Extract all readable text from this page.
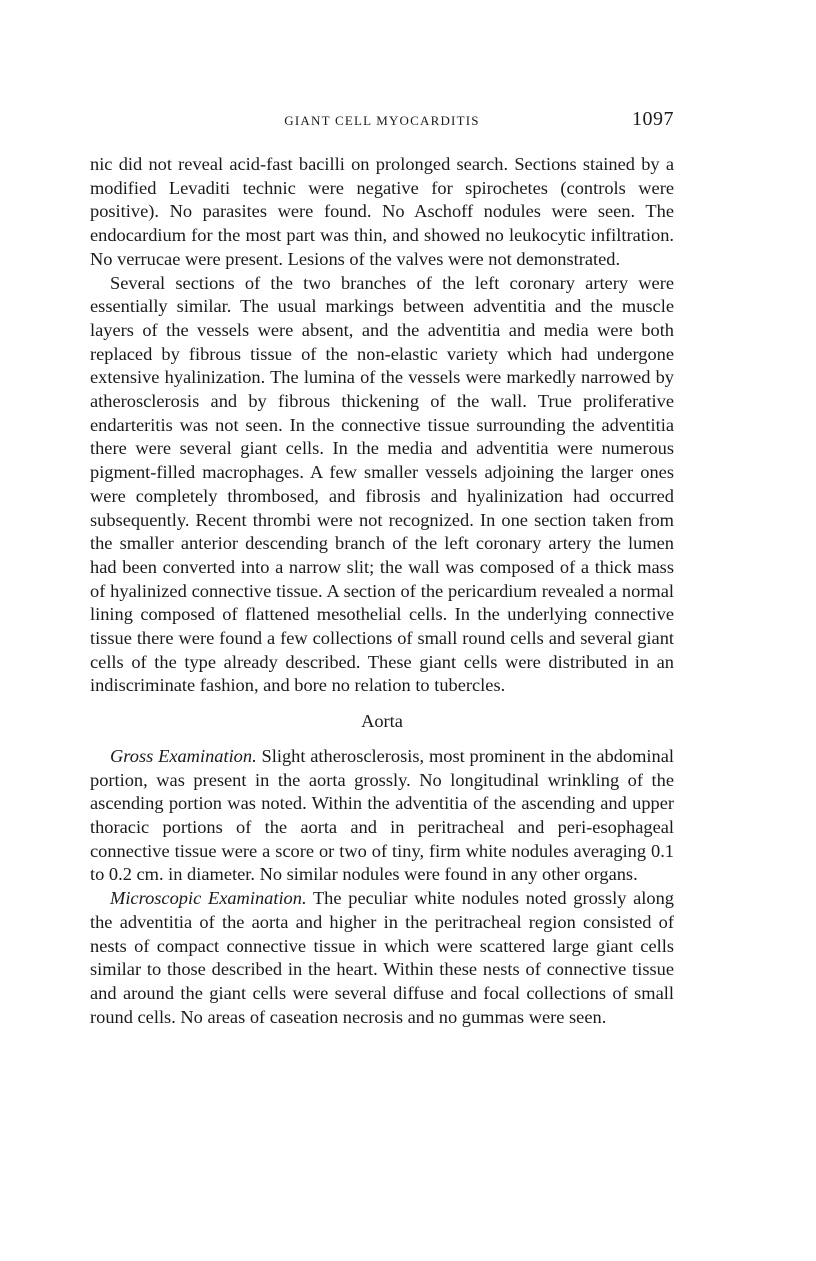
GIANT CELL MYOCARDITIS	1097

nic did not reveal acid-fast bacilli on prolonged search. Sections stained by a modified Levaditi technic were negative for spirochetes (controls were positive). No parasites were found. No Aschoff nodules were seen. The endocardium for the most part was thin, and showed no leukocytic infiltration. No verrucae were present. Lesions of the valves were not demonstrated.

Several sections of the two branches of the left coronary artery were essentially similar. The usual markings between adventitia and the muscle layers of the vessels were absent, and the adventitia and media were both replaced by fibrous tissue of the non-elastic variety which had undergone extensive hyalinization. The lumina of the vessels were markedly narrowed by atherosclerosis and by fibrous thickening of the wall. True proliferative endarteritis was not seen. In the connective tissue surrounding the adventitia there were several giant cells. In the media and adventitia were numerous pigment-filled macrophages. A few smaller vessels adjoining the larger ones were completely thrombosed, and fibrosis and hyalinization had occurred subsequently. Recent thrombi were not recognized. In one section taken from the smaller anterior descending branch of the left coronary artery the lumen had been converted into a narrow slit; the wall was composed of a thick mass of hyalinized connective tissue. A section of the pericardium revealed a normal lining composed of flattened mesothelial cells. In the underlying connective tissue there were found a few collections of small round cells and several giant cells of the type already described. These giant cells were distributed in an indiscriminate fashion, and bore no relation to tubercles.

Aorta

Gross Examination. Slight atherosclerosis, most prominent in the abdominal portion, was present in the aorta grossly. No longitudinal wrinkling of the ascending portion was noted. Within the adventitia of the ascending and upper thoracic portions of the aorta and in peritracheal and peri-esophageal connective tissue were a score or two of tiny, firm white nodules averaging 0.1 to 0.2 cm. in diameter. No similar nodules were found in any other organs.

Microscopic Examination. The peculiar white nodules noted grossly along the adventitia of the aorta and higher in the peritracheal region consisted of nests of compact connective tissue in which were scattered large giant cells similar to those described in the heart. Within these nests of connective tissue and around the giant cells were several diffuse and focal collections of small round cells. No areas of caseation necrosis and no gummas were seen.
